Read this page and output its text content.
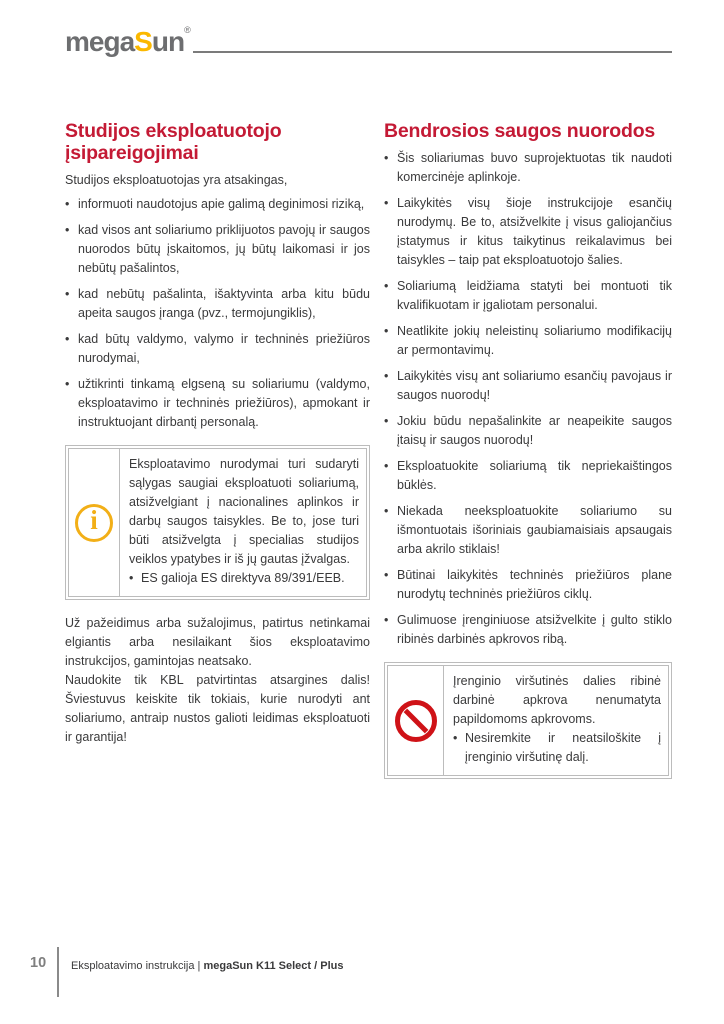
megaSun®
Studijos eksploatuotojo įsipareigojimai

Studijos eksploatuotojas yra atsakingas,

• informuoti naudotojus apie galimą deginimosi riziką,
• kad visos ant soliariumo priklijuotos pavojų ir saugos nuorodos būtų įskaitomos, jų būtų laikomasi ir jos nebūtų pašalintos,
• kad nebūtų pašalinta, išaktyvinta arba kitu būdu apeita saugos įranga (pvz., termojungiklis),
• kad būtų valdymo, valymo ir techninės priežiūros nurodymai,
• užtikrinti tinkamą elgseną su soliariumu (valdymo, eksploatavimo ir techninės priežiūros), apmokant ir instruktuojant dirbantį personalą.
i
Eksploatavimo nurodymai turi sudaryti sąlygas saugiai eksploatuoti soliariumą, atsižvelgiant į nacionalines aplinkos ir darbų saugos taisykles. Be to, jose turi būti atsižvelgta į specialias studijos veiklos ypatybes ir iš jų gautas įžvalgas.
• ES galioja ES direktyva 89/391/EEB.

Už pažeidimus arba sužalojimus, patirtus netinkamai elgiantis arba nesilaikant šios eksploatavimo instrukcijos, gamintojas neatsako.

Naudokite tik KBL patvirtintas atsargines dalis! Šviestuvus keiskite tik tokiais, kurie nurodyti ant soliariumo, antraip nustos galioti leidimas eksploatuoti ir garantija!

Bendrosios saugos nuorodos
• Šis soliariumas buvo suprojektuotas tik naudoti komercinėje aplinkoje.
• Laikykitės visų šioje instrukcijoje esančių nurodymų. Be to, atsižvelkite į visus galiojančius įstatymus ir kitus taikytinus reikalavimus bei taisykles – taip pat eksploatuotojo šalies.
• Soliariumą leidžiama statyti bei montuoti tik kvalifikuotam ir įgaliotam personalui.
• Neatlikite jokių neleistinų soliariumo modifikacijų ar permontavimų.
• Laikykitės visų ant soliariumo esančių pavojaus ir saugos nuorodų!
• Jokiu būdu nepašalinkite ar neapeikite saugos įtaisų ir saugos nuorodų!
• Eksploatuokite soliariumą tik nepriekaištingos būklės.
• Niekada neeksploatuokite soliariumo su išmontuotais išoriniais gaubiamaisiais apsaugais arba akrilo stiklais!
• Būtinai laikykitės techninės priežiūros plane nurodytų techninės priežiūros ciklų.
• Gulimuose įrenginiuose atsižvelkite į gulto stiklo ribinės darbinės apkrovos ribą.
Įrenginio viršutinės dalies ribinė darbinė apkrova nenumatyta papildomoms apkrovoms.
• Nesiremkite ir neatsiloškite į įrenginio viršutinę dalį.
10 Eksploatavimo instrukcija | megaSun K11 Select / Plus
